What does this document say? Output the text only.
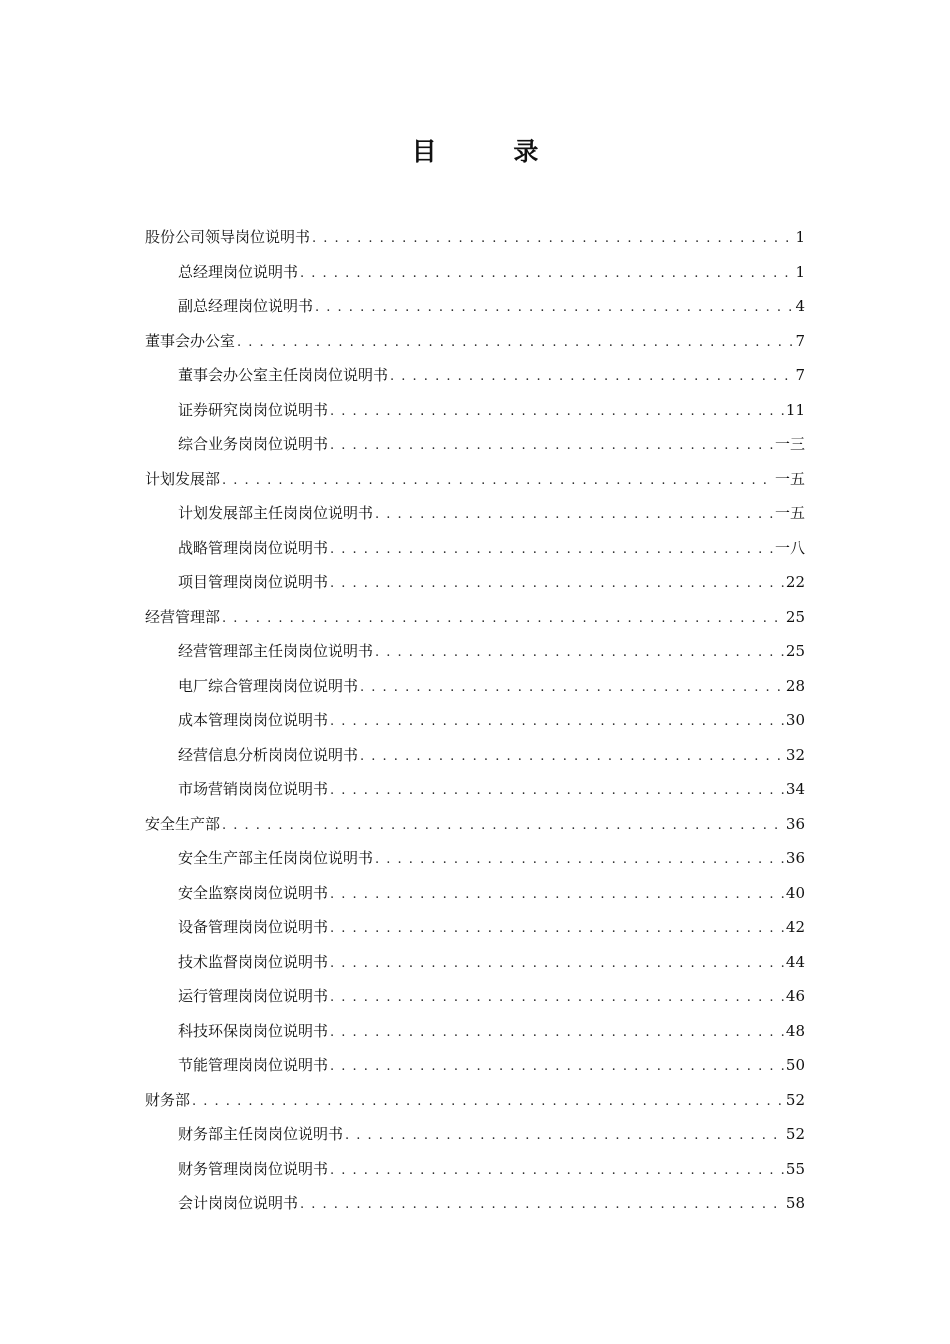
目 录
股份公司领导岗位说明书 . . .	1
总经理岗位说明书 . . .	1
副总经理岗位说明书 . . .	4
董事会办公室 . . .	7
董事会办公室主任岗岗位说明书 . . .	7
证券研究岗岗位说明书 . . .	11
综合业务岗岗位说明书 . . .	一三
计划发展部 . . .	一五
计划发展部主任岗岗位说明书 . . .	一五
战略管理岗岗位说明书 . . .	一八
项目管理岗岗位说明书 . . .	22
经营管理部 . . .	25
经营管理部主任岗岗位说明书 . . .	25
电厂综合管理岗岗位说明书 . . .	28
成本管理岗岗位说明书 . . .	30
经营信息分析岗岗位说明书 . . .	32
市场营销岗岗位说明书 . . .	34
安全生产部 . . .	36
安全生产部主任岗岗位说明书 . . .	36
安全监察岗岗位说明书 . . .	40
设备管理岗岗位说明书 . . .	42
技术监督岗岗位说明书 . . .	44
运行管理岗岗位说明书 . . .	46
科技环保岗岗位说明书 . . .	48
节能管理岗岗位说明书 . . .	50
财务部 . . .	52
财务部主任岗岗位说明书 . . .	52
财务管理岗岗位说明书 . . .	55
会计岗岗位说明书 . . .	58
